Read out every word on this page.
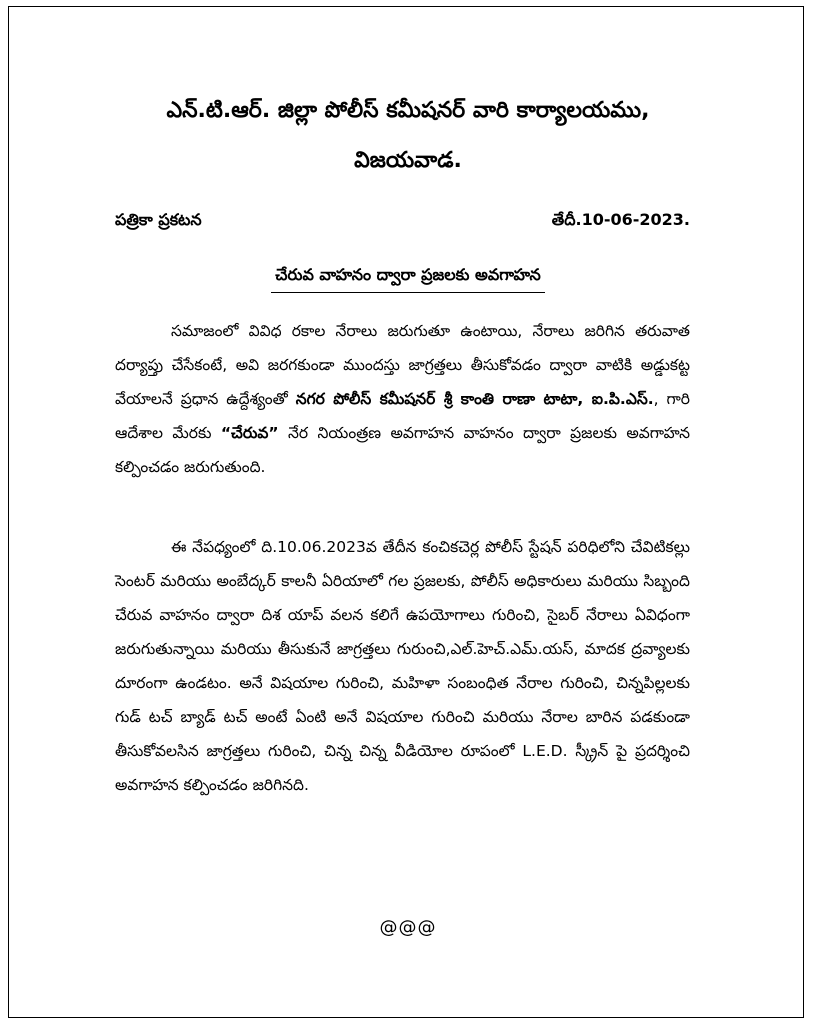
ఎన్.టి.ఆర్. జిల్లా పోలీస్ కమీషనర్ వారి కార్యాలయము,
విజయవాడ.
పత్రికా ప్రకటన	తేదీ.10-06-2023.
చేరువ వాహనం ద్వారా ప్రజలకు అవగాహన

సమాజంలో వివిధ రకాల నేరాలు జరుగుతూ ఉంటాయి, నేరాలు జరిగిన తరువాత దర్యాప్తు చేసేకంటే, అవి జరగకుండా ముందస్తు జాగ్రత్తలు తీసుకోవడం ద్వారా వాటికి అడ్డుకట్ట వేయాలనే ప్రధాన ఉద్దేశ్యంతో నగర పోలీస్ కమీషనర్ శ్రీ కాంతి రాణా టాటా, ఐ.పి.ఎస్., గారి ఆదేశాల మేరకు “చేరువ” నేర నియంత్రణ అవగాహన వాహనం ద్వారా ప్రజలకు అవగాహన కల్పించడం జరుగుతుంది.

ఈ నేపధ్యంలో ది.10.06.2023వ తేదీన కంచికచెర్ల పోలీస్ స్టేషన్ పరిధిలోని చేవిటికల్లు సెంటర్ మరియు అంబేద్కర్ కాలనీ ఏరియాలో గల ప్రజలకు, పోలీస్ అధికారులు మరియు సిబ్బంది చేరువ వాహనం ద్వారా దిశ యాప్ వలన కలిగే ఉపయోగాలు గురించి, సైబర్ నేరాలు ఏవిధంగా జరుగుతున్నాయి మరియు తీసుకునే జాగ్రత్తలు గురుంచి,ఎల్.హెచ్.ఎమ్.యస్, మాదక ద్రవ్యాలకు దూరంగా ఉండటం. అనే విషయాల గురించి, మహిళా సంబంధిత నేరాల గురించి, చిన్నపిల్లలకు గుడ్ టచ్ బ్యాడ్ టచ్ అంటే ఏంటి అనే విషయాల గురించి మరియు నేరాల బారిన పడకుండా తీసుకోవలసిన జాగ్రత్తలు గురించి, చిన్న చిన్న వీడియోల రూపంలో L.E.D. స్క్రీన్ పై ప్రదర్శించి అవగాహన కల్పించడం జరిగినది.

@@@
